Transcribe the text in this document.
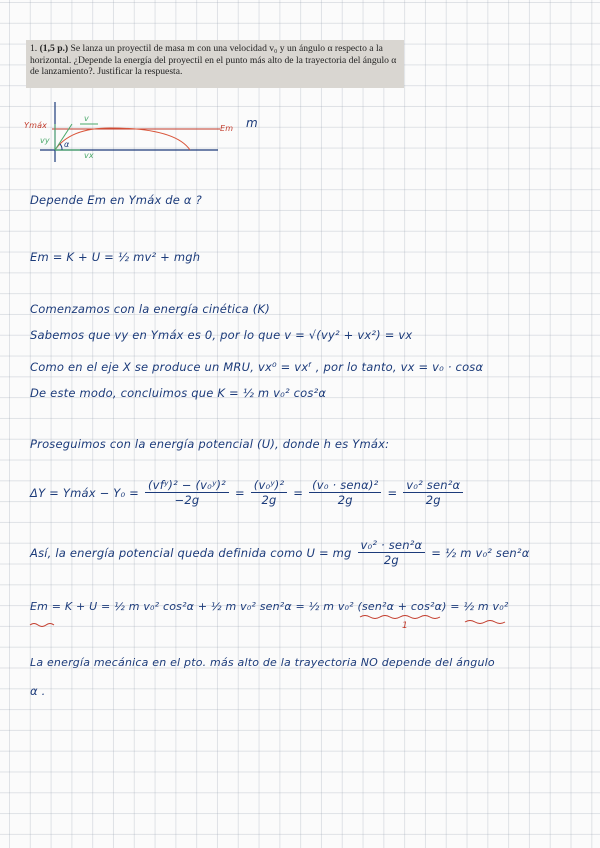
1. (1,5 p.) Se lanza un proyectil de masa m con una velocidad v₀ y un ángulo α respecto a la horizontal. ¿Depende la energía del proyectil en el punto más alto de la trayectoria del ángulo α de lanzamiento?. Justificar la respuesta.
Ymáx	Em m
vx
vy
v
α
Depende Em en Ymáx de α ?
Em = K + U = ½ mv² + mgh
Comenzamos con la energía cinética (K)
Sabemos que vy en Ymáx es 0, por lo que v = √(vy² + vx²) = vx
Como en el eje X se produce un MRU, vx⁰ = vxᶠ , por lo tanto, vx = v₀ · cosα
De este modo, concluimos que K = ½ m v₀² cos²α
Proseguimos con la energía potencial (U), donde h es Ymáx:
ΔY = Ymáx − $Y_0 = \frac{\text{(vfʸ)² − (v₀ʸ)²}}{-2g} = \frac{\text{(v₀ʸ)²}}{2g} = \frac{\text{(v₀ · senα)²}}{2g} = \frac{\text{v₀² sen²α}}{2g}$
Así, la energía potencial queda definida como U = mg $\frac{\text{v₀² · sen²α}}{2g}$ = ½ m v₀² sen²α
Em = K + U = ½ m v₀² cos²α + ½ m v₀² sen²α = ½ m v₀² (sen²α + cos²α) = ½ m v₀²
1
La energía mecánica en el pto. más alto de la trayectoria NO depende del ángulo
α .
